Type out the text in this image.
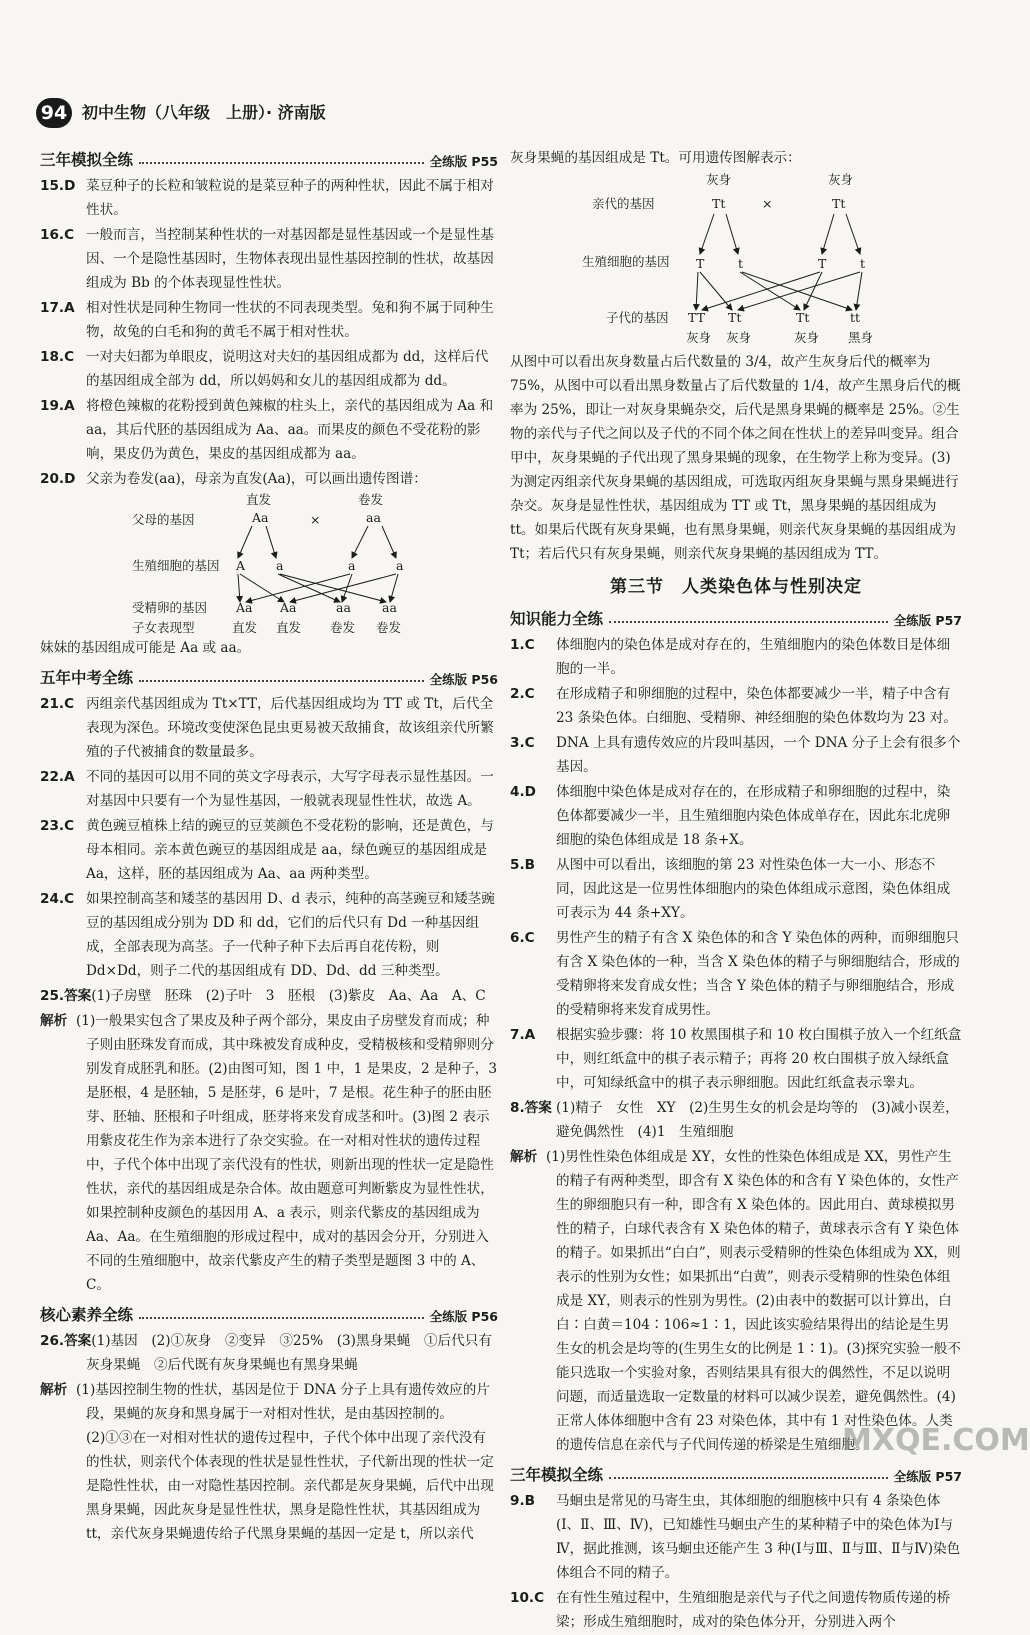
94 初中生物（八年级　上册）· 济南版
三年模拟全练	全练版 P55
15.D 菜豆种子的长粒和皱粒说的是菜豆种子的两种性状，因此不属于相对性状。
16.C 一般而言，当控制某种性状的一对基因都是显性基因或一个是显性基因、一个是隐性基因时，生物体表现出显性基因控制的性状，故基因组成为 Bb 的个体表现显性性状。
17.A 相对性状是同种生物同一性状的不同表现类型。兔和狗不属于同种生物，故兔的白毛和狗的黄毛不属于相对性状。
18.C 一对夫妇都为单眼皮，说明这对夫妇的基因组成都为 dd，这样后代的基因组成全部为 dd，所以妈妈和女儿的基因组成都为 dd。
19.A 将橙色辣椒的花粉授到黄色辣椒的柱头上，亲代的基因组成为 Aa 和 aa，其后代胚的基因组成为 Aa、aa。而果皮的颜色不受花粉的影响，果皮仍为黄色，果皮的基因组成都为 aa。
20.D 父亲为卷发(aa)，母亲为直发(Aa)，可以画出遗传图谱：
直发	卷发
父母的基因	Aa	×	aa
生殖细胞的基因 A a	a	a
受精卵的基因 Aa Aa	aa aa
子女表现型	直发 直发 卷发 卷发
妹妹的基因组成可能是 Aa 或 aa。
五年中考全练	全练版 P56
21.C 丙组亲代基因组成为 Tt×TT，后代基因组成均为 TT 或 Tt，后代全表现为深色。环境改变使深色昆虫更易被天敌捕食，故该组亲代所繁殖的子代被捕食的数量最多。
22.A 不同的基因可以用不同的英文字母表示，大写字母表示显性基因。一对基因中只要有一个为显性基因，一般就表现显性性状，故选 A。
23.C 黄色豌豆植株上结的豌豆的豆荚颜色不受花粉的影响，还是黄色，与母本相同。亲本黄色豌豆的基因组成是 aa，绿色豌豆的基因组成是 Aa，这样，胚的基因组成为 Aa、aa 两种类型。
24.C 如果控制高茎和矮茎的基因用 D、d 表示，纯种的高茎豌豆和矮茎豌豆的基因组成分别为 DD 和 dd，它们的后代只有 Dd 一种基因组成，全部表现为高茎。子一代种子种下去后再自花传粉，则 Dd×Dd，则子二代的基因组成有 DD、Dd、dd 三种类型。
25.答案(1)子房壁　胚珠　(2)子叶　3　胚根　(3)紫皮　Aa、Aa　A、C
解析 (1)一般果实包含了果皮及种子两个部分，果皮由子房壁发育而成；种子则由胚珠发育而成，其中珠被发育成种皮，受精极核和受精卵则分别发育成胚乳和胚。(2)由图可知，图 1 中，1 是果皮，2 是种子，3 是胚根，4 是胚轴，5 是胚芽，6 是叶，7 是根。花生种子的胚由胚芽、胚轴、胚根和子叶组成，胚芽将来发育成茎和叶。(3)图 2 表示用紫皮花生作为亲本进行了杂交实验。在一对相对性状的遗传过程中，子代个体中出现了亲代没有的性状，则新出现的性状一定是隐性性状，亲代的基因组成是杂合体。故由题意可判断紫皮为显性性状，如果控制种皮颜色的基因用 A、a 表示，则亲代紫皮的基因组成为 Aa、Aa。在生殖细胞的形成过程中，成对的基因会分开，分别进入不同的生殖细胞中，故亲代紫皮产生的精子类型是题图 3 中的 A、C。
核心素养全练	全练版 P56
26.答案(1)基因　(2)①灰身　②变异　③25%　(3)黑身果蝇　①后代只有灰身果蝇　②后代既有灰身果蝇也有黑身果蝇
解析 (1)基因控制生物的性状，基因是位于 DNA 分子上具有遗传效应的片段，果蝇的灰身和黑身属于一对相对性状，是由基因控制的。(2)①③在一对相对性状的遗传过程中，子代个体中出现了亲代没有的性状，则亲代个体表现的性状是显性性状，子代新出现的性状一定是隐性性状，由一对隐性基因控制。亲代都是灰身果蝇，后代中出现黑身果蝇，因此灰身是显性性状，黑身是隐性性状，其基因组成为 tt，亲代灰身果蝇遗传给子代黑身果蝇的基因一定是 t，所以亲代
灰身果蝇的基因组成是 Tt。可用遗传图解表示：
灰身	灰身
亲代的基因	Tt	×	Tt
生殖细胞的基因 T	t	T	t
子代的基因 TT Tt	Tt	tt
灰身 灰身	灰身 黑身
从图中可以看出灰身数量占后代数量的 3/4，故产生灰身后代的概率为 75%，从图中可以看出黑身数量占了后代数量的 1/4，故产生黑身后代的概率为 25%，即让一对灰身果蝇杂交，后代是黑身果蝇的概率是 25%。②生物的亲代与子代之间以及子代的不同个体之间在性状上的差异叫变异。组合甲中，灰身果蝇的子代出现了黑身果蝇的现象，在生物学上称为变异。(3)为测定丙组亲代灰身果蝇的基因组成，可选取丙组灰身果蝇与黑身果蝇进行杂交。灰身是显性性状，基因组成为 TT 或 Tt，黑身果蝇的基因组成为 tt。如果后代既有灰身果蝇，也有黑身果蝇，则亲代灰身果蝇的基因组成为 Tt；若后代只有灰身果蝇，则亲代灰身果蝇的基因组成为 TT。
第三节　人类染色体与性别决定
知识能力全练	全练版 P57
1.C 体细胞内的染色体是成对存在的，生殖细胞内的染色体数目是体细胞的一半。
2.C 在形成精子和卵细胞的过程中，染色体都要减少一半，精子中含有 23 条染色体。白细胞、受精卵、神经细胞的染色体数均为 23 对。
3.C DNA 上具有遗传效应的片段叫基因，一个 DNA 分子上会有很多个基因。
4.D 体细胞中染色体是成对存在的，在形成精子和卵细胞的过程中，染色体都要减少一半，且生殖细胞内染色体成单存在，因此东北虎卵细胞的染色体组成是 18 条+X。
5.B 从图中可以看出，该细胞的第 23 对性染色体一大一小、形态不同，因此这是一位男性体细胞内的染色体组成示意图，染色体组成可表示为 44 条+XY。
6.C 男性产生的精子有含 X 染色体的和含 Y 染色体的两种，而卵细胞只有含 X 染色体的一种，当含 X 染色体的精子与卵细胞结合，形成的受精卵将来发育成女性；当含 Y 染色体的精子与卵细胞结合，形成的受精卵将来发育成男性。
7.A 根据实验步骤：将 10 枚黑围棋子和 10 枚白围棋子放入一个红纸盒中，则红纸盒中的棋子表示精子；再将 20 枚白围棋子放入绿纸盒中，可知绿纸盒中的棋子表示卵细胞。因此红纸盒表示睾丸。
8.答案 (1)精子　女性　XY　(2)生男生女的机会是均等的　(3)减小误差，避免偶然性　(4)1　生殖细胞
解析 (1)男性性染色体组成是 XY，女性的性染色体组成是 XX，男性产生的精子有两种类型，即含有 X 染色体的和含有 Y 染色体的，女性产生的卵细胞只有一种，即含有 X 染色体的。因此用白、黄球模拟男性的精子，白球代表含有 X 染色体的精子，黄球表示含有 Y 染色体的精子。如果抓出“白白”，则表示受精卵的性染色体组成为 XX，则表示的性别为女性；如果抓出“白黄”，则表示受精卵的性染色体组成是 XY，则表示的性别为男性。(2)由表中的数据可以计算出，白白∶白黄＝104∶106≈1∶1，因此该实验结果得出的结论是生男生女的机会是均等的(生男生女的比例是 1∶1)。(3)探究实验一般不能只选取一个实验对象，否则结果具有很大的偶然性，不足以说明问题，而适量选取一定数量的材料可以减少误差，避免偶然性。(4)正常人体体细胞中含有 23 对染色体，其中有 1 对性染色体。人类的遗传信息在亲代与子代间传递的桥梁是生殖细胞。
三年模拟全练	全练版 P57
9.B 马蛔虫是常见的马寄生虫，其体细胞的细胞核中只有 4 条染色体(Ⅰ、Ⅱ、Ⅲ、Ⅳ)，已知雄性马蛔虫产生的某种精子中的染色体为Ⅰ与Ⅳ，据此推测，该马蛔虫还能产生 3 种(Ⅰ与Ⅲ、Ⅱ与Ⅲ、Ⅱ与Ⅳ)染色体组合不同的精子。
10.C 在有性生殖过程中，生殖细胞是亲代与子代之间遗传物质传递的桥梁；形成生殖细胞时，成对的染色体分开，分别进入两个
MXQE.COM
